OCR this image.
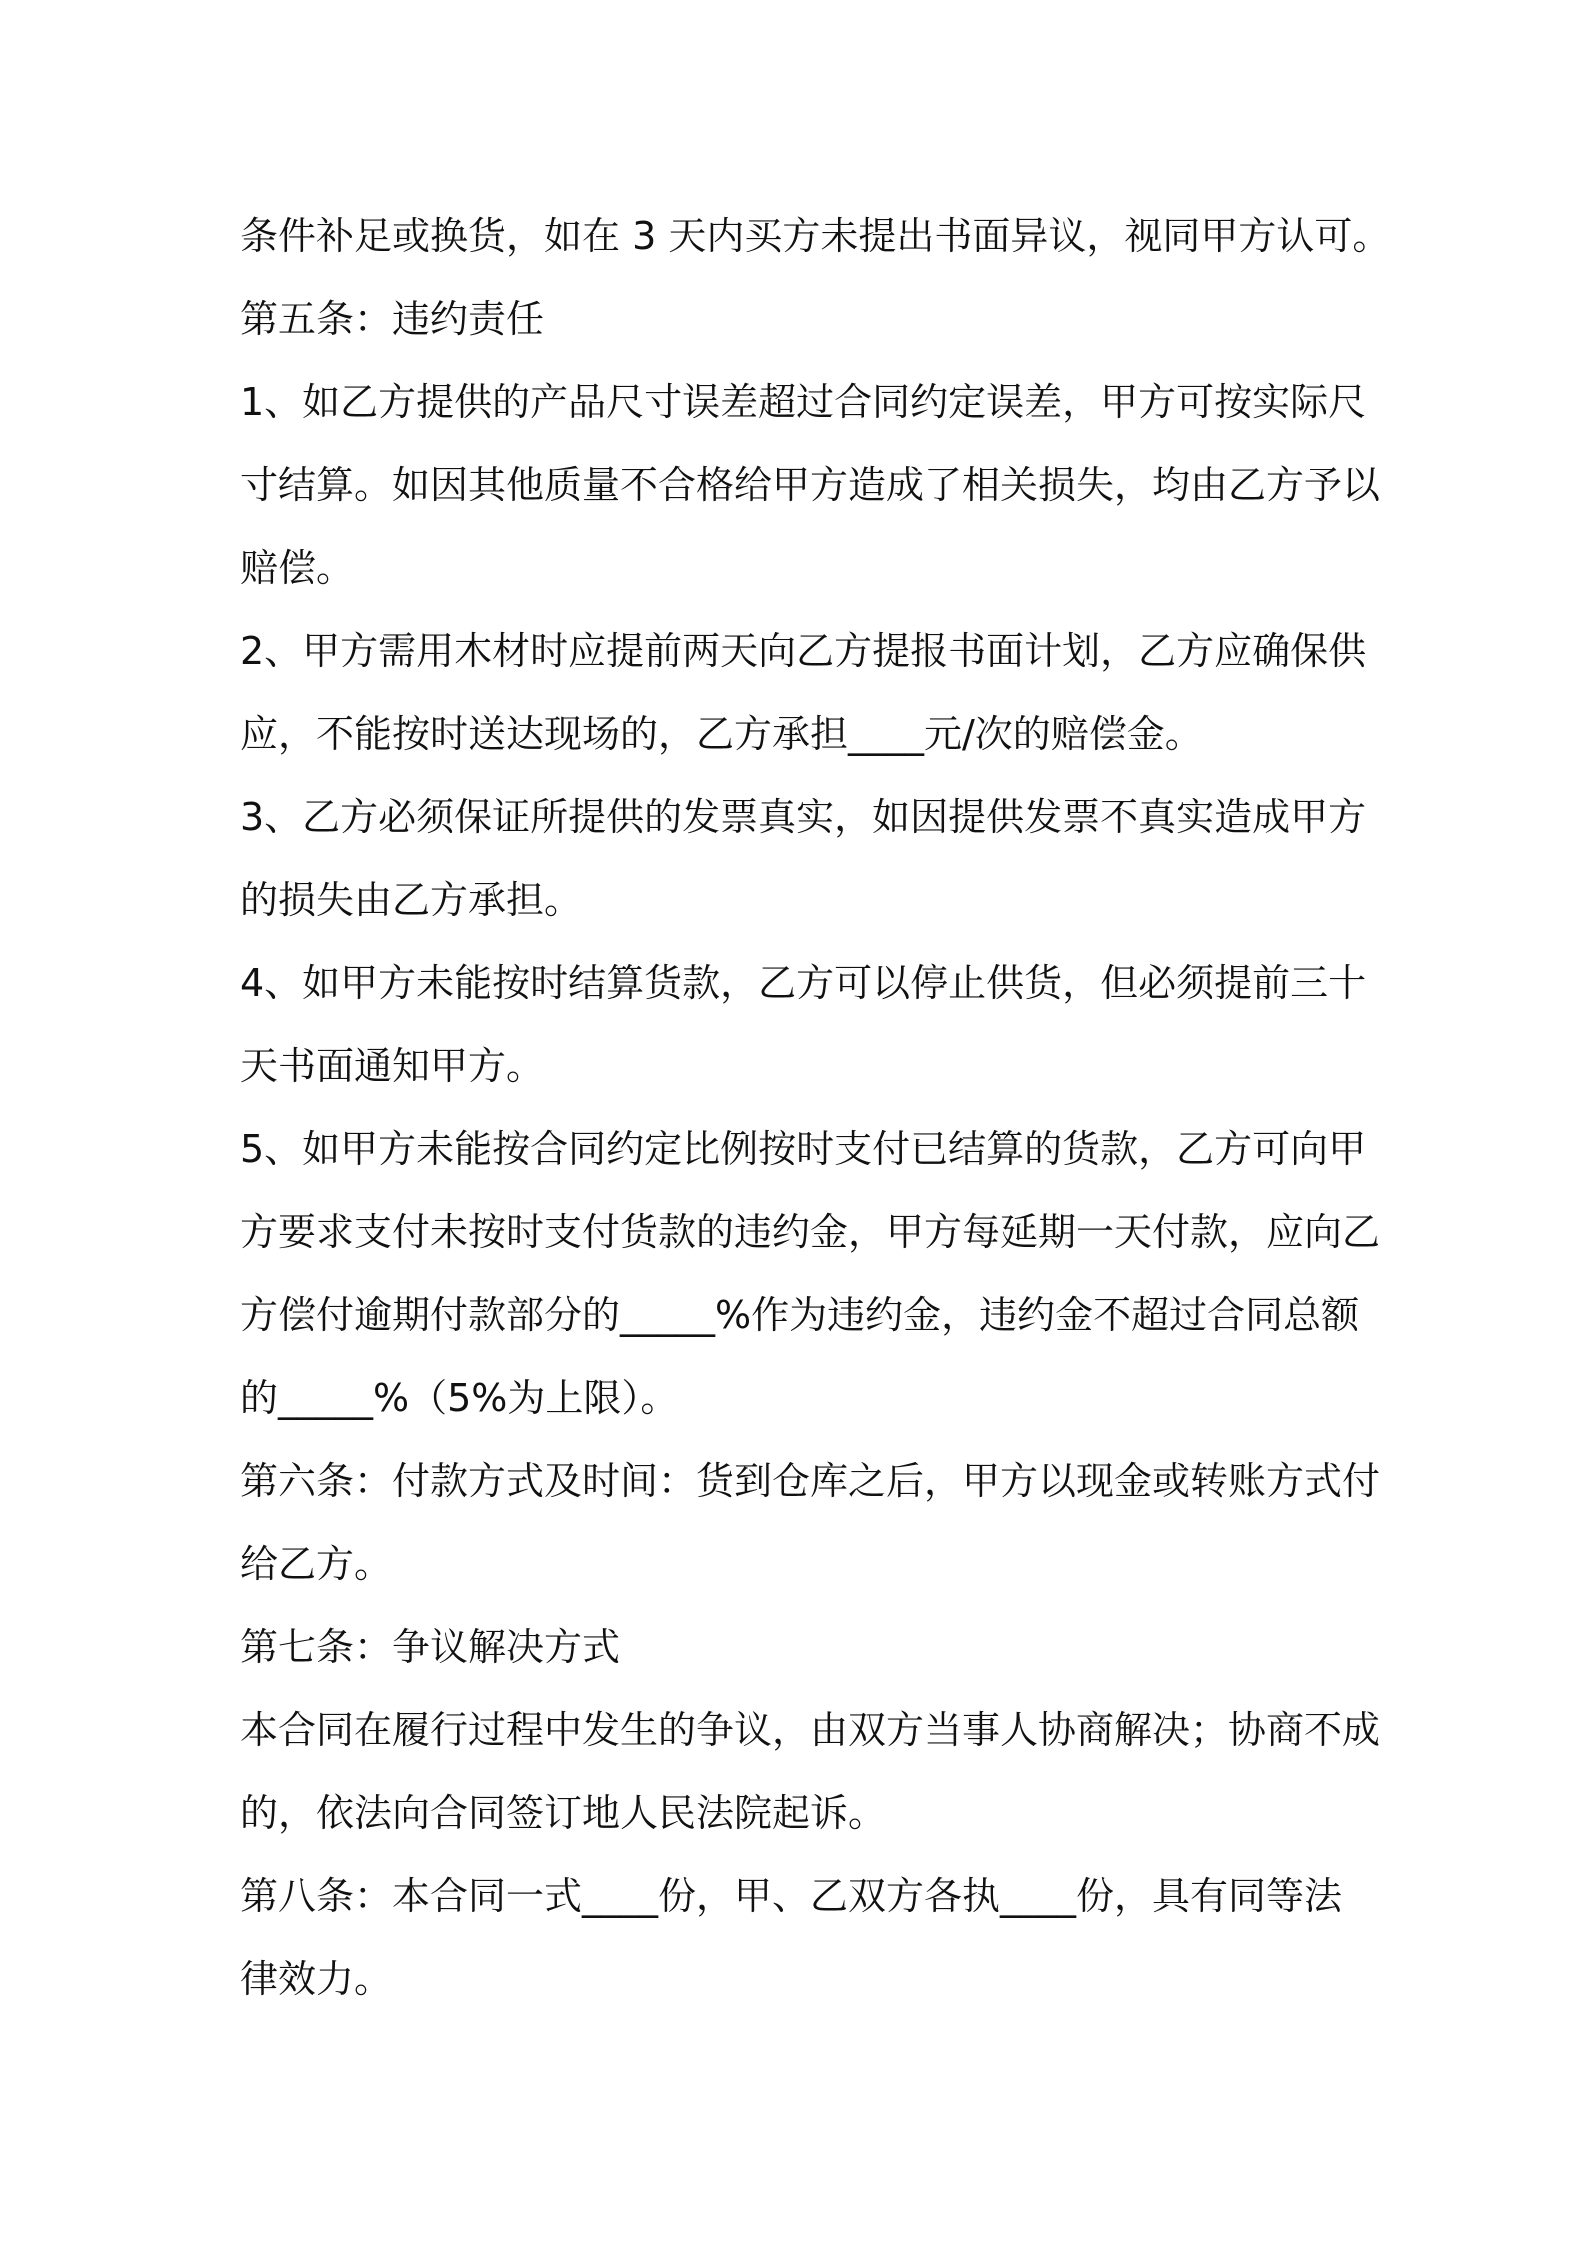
条件补足或换货，如在 3 天内买方未提出书面异议，视同甲方认可。
第五条：违约责任
1、如乙方提供的产品尺寸误差超过合同约定误差，甲方可按实际尺
寸结算。如因其他质量不合格给甲方造成了相关损失，均由乙方予以
赔偿。
2、甲方需用木材时应提前两天向乙方提报书面计划，乙方应确保供
应，不能按时送达现场的，乙方承担____元/次的赔偿金。
3、乙方必须保证所提供的发票真实，如因提供发票不真实造成甲方
的损失由乙方承担。
4、如甲方未能按时结算货款，乙方可以停止供货，但必须提前三十
天书面通知甲方。
5、如甲方未能按合同约定比例按时支付已结算的货款，乙方可向甲
方要求支付未按时支付货款的违约金，甲方每延期一天付款，应向乙
方偿付逾期付款部分的_____%作为违约金，违约金不超过合同总额
的_____%（5%为上限）。
第六条：付款方式及时间：货到仓库之后，甲方以现金或转账方式付
给乙方。
第七条：争议解决方式
本合同在履行过程中发生的争议，由双方当事人协商解决；协商不成
的，依法向合同签订地人民法院起诉。
第八条：本合同一式____份，甲、乙双方各执____份，具有同等法
律效力。
